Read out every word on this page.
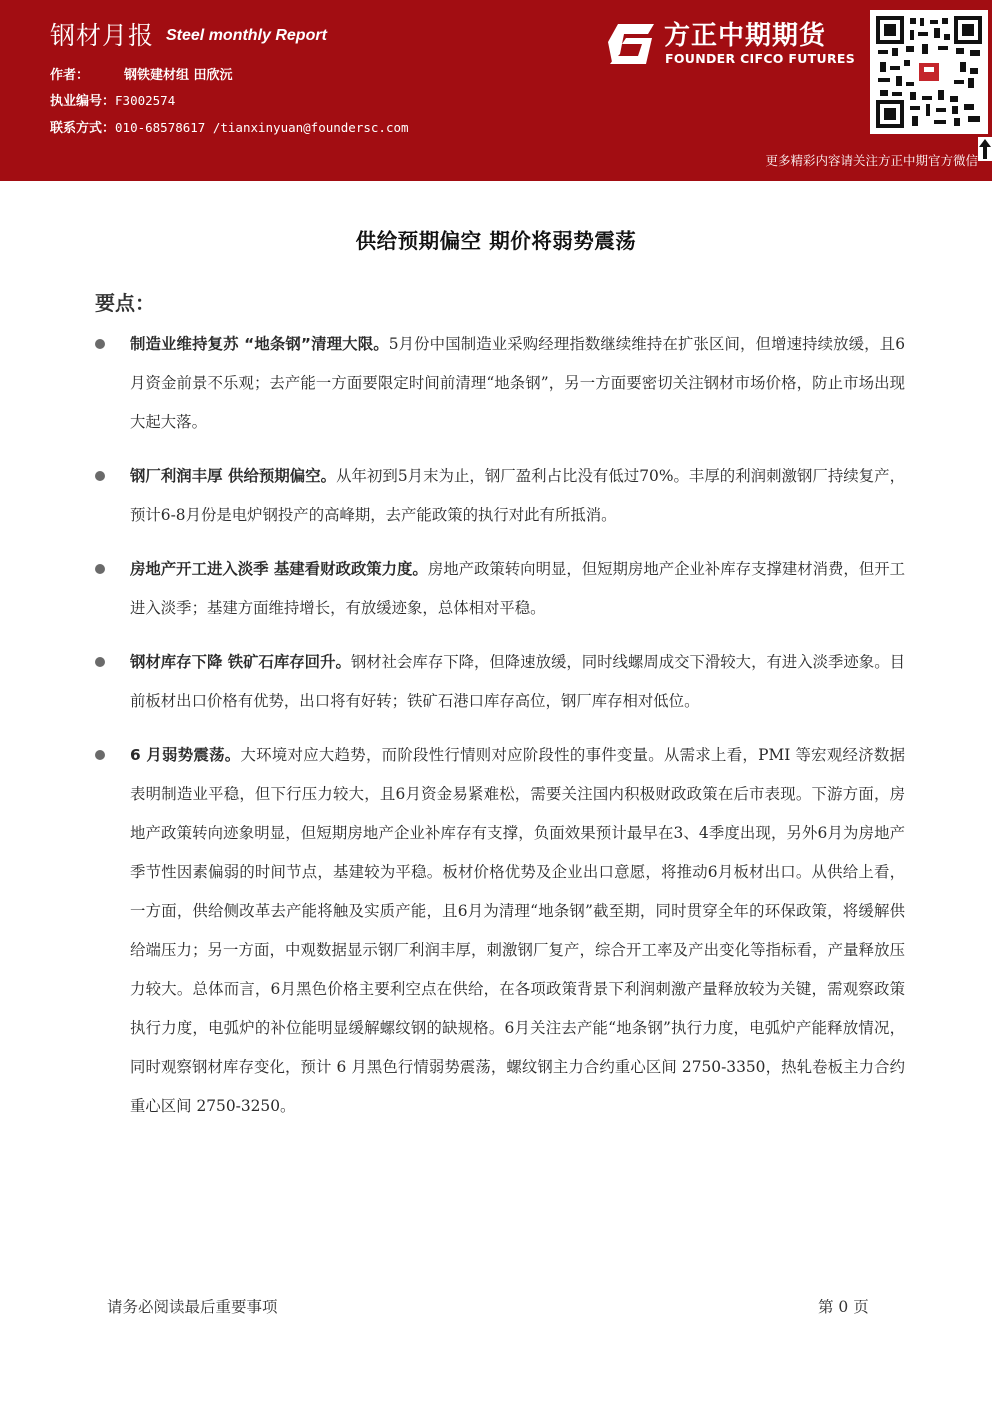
钢材月报 Steel monthly Report
作者：	钢铁建材组 田欣沅
执业编号：F3002574
联系方式：010-68578617 /tianxinyuan@foundersc.com
方正中期期货
FOUNDER CIFCO FUTURES
更多精彩内容请关注方正中期官方微信
供给预期偏空 期价将弱势震荡
要点：

制造业维持复苏 “地条钢”清理大限。5月份中国制造业采购经理指数继续维持在扩张区间，但增速持续放缓，且6月资金前景不乐观；去产能一方面要限定时间前清理“地条钢”，另一方面要密切关注钢材市场价格，防止市场出现大起大落。

钢厂利润丰厚 供给预期偏空。从年初到5月末为止，钢厂盈利占比没有低过70%。丰厚的利润刺激钢厂持续复产，预计6-8月份是电炉钢投产的高峰期，去产能政策的执行对此有所抵消。

房地产开工进入淡季 基建看财政政策力度。房地产政策转向明显，但短期房地产企业补库存支撑建材消费，但开工进入淡季；基建方面维持增长，有放缓迹象，总体相对平稳。

钢材库存下降 铁矿石库存回升。钢材社会库存下降，但降速放缓，同时线螺周成交下滑较大，有进入淡季迹象。目前板材出口价格有优势，出口将有好转；铁矿石港口库存高位，钢厂库存相对低位。

6 月弱势震荡。大环境对应大趋势，而阶段性行情则对应阶段性的事件变量。从需求上看，PMI 等宏观经济数据表明制造业平稳，但下行压力较大，且6月资金易紧难松，需要关注国内积极财政政策在后市表现。下游方面，房地产政策转向迹象明显，但短期房地产企业补库存有支撑，负面效果预计最早在3、4季度出现，另外6月为房地产季节性因素偏弱的时间节点，基建较为平稳。板材价格优势及企业出口意愿，将推动6月板材出口。从供给上看，一方面，供给侧改革去产能将触及实质产能，且6月为清理“地条钢”截至期，同时贯穿全年的环保政策，将缓解供给端压力；另一方面，中观数据显示钢厂利润丰厚，刺激钢厂复产，综合开工率及产出变化等指标看，产量释放压力较大。总体而言，6月黑色价格主要利空点在供给，在各项政策背景下利润刺激产量释放较为关键，需观察政策执行力度，电弧炉的补位能明显缓解螺纹钢的缺规格。6月关注去产能“地条钢”执行力度，电弧炉产能释放情况，同时观察钢材库存变化，预计 6 月黑色行情弱势震荡，螺纹钢主力合约重心区间 2750-3350，热轧卷板主力合约重心区间 2750-3250。

请务必阅读最后重要事项	第 0 页
